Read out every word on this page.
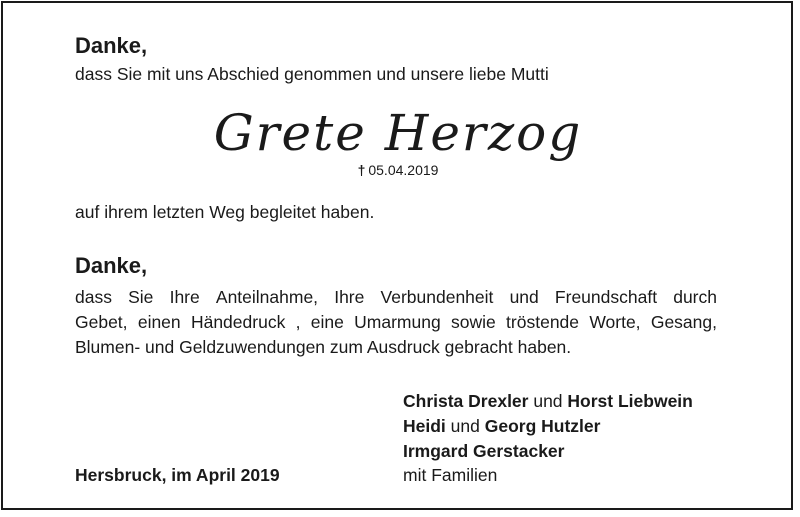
Danke,
dass Sie mit uns Abschied genommen und unsere liebe Mutti
Grete Herzog
† 05.04.2019
auf ihrem letzten Weg begleitet haben.
Danke,
dass Sie Ihre Anteilnahme, Ihre Verbundenheit und Freundschaft durch
Gebet, einen Händedruck , eine Umarmung sowie tröstende Worte, Gesang,
Blumen- und Geldzuwendungen zum Ausdruck gebracht haben.
Christa Drexler und Horst Liebwein
Heidi und Georg Hutzler
Irmgard Gerstacker
mit Familien
Hersbruck, im April 2019
